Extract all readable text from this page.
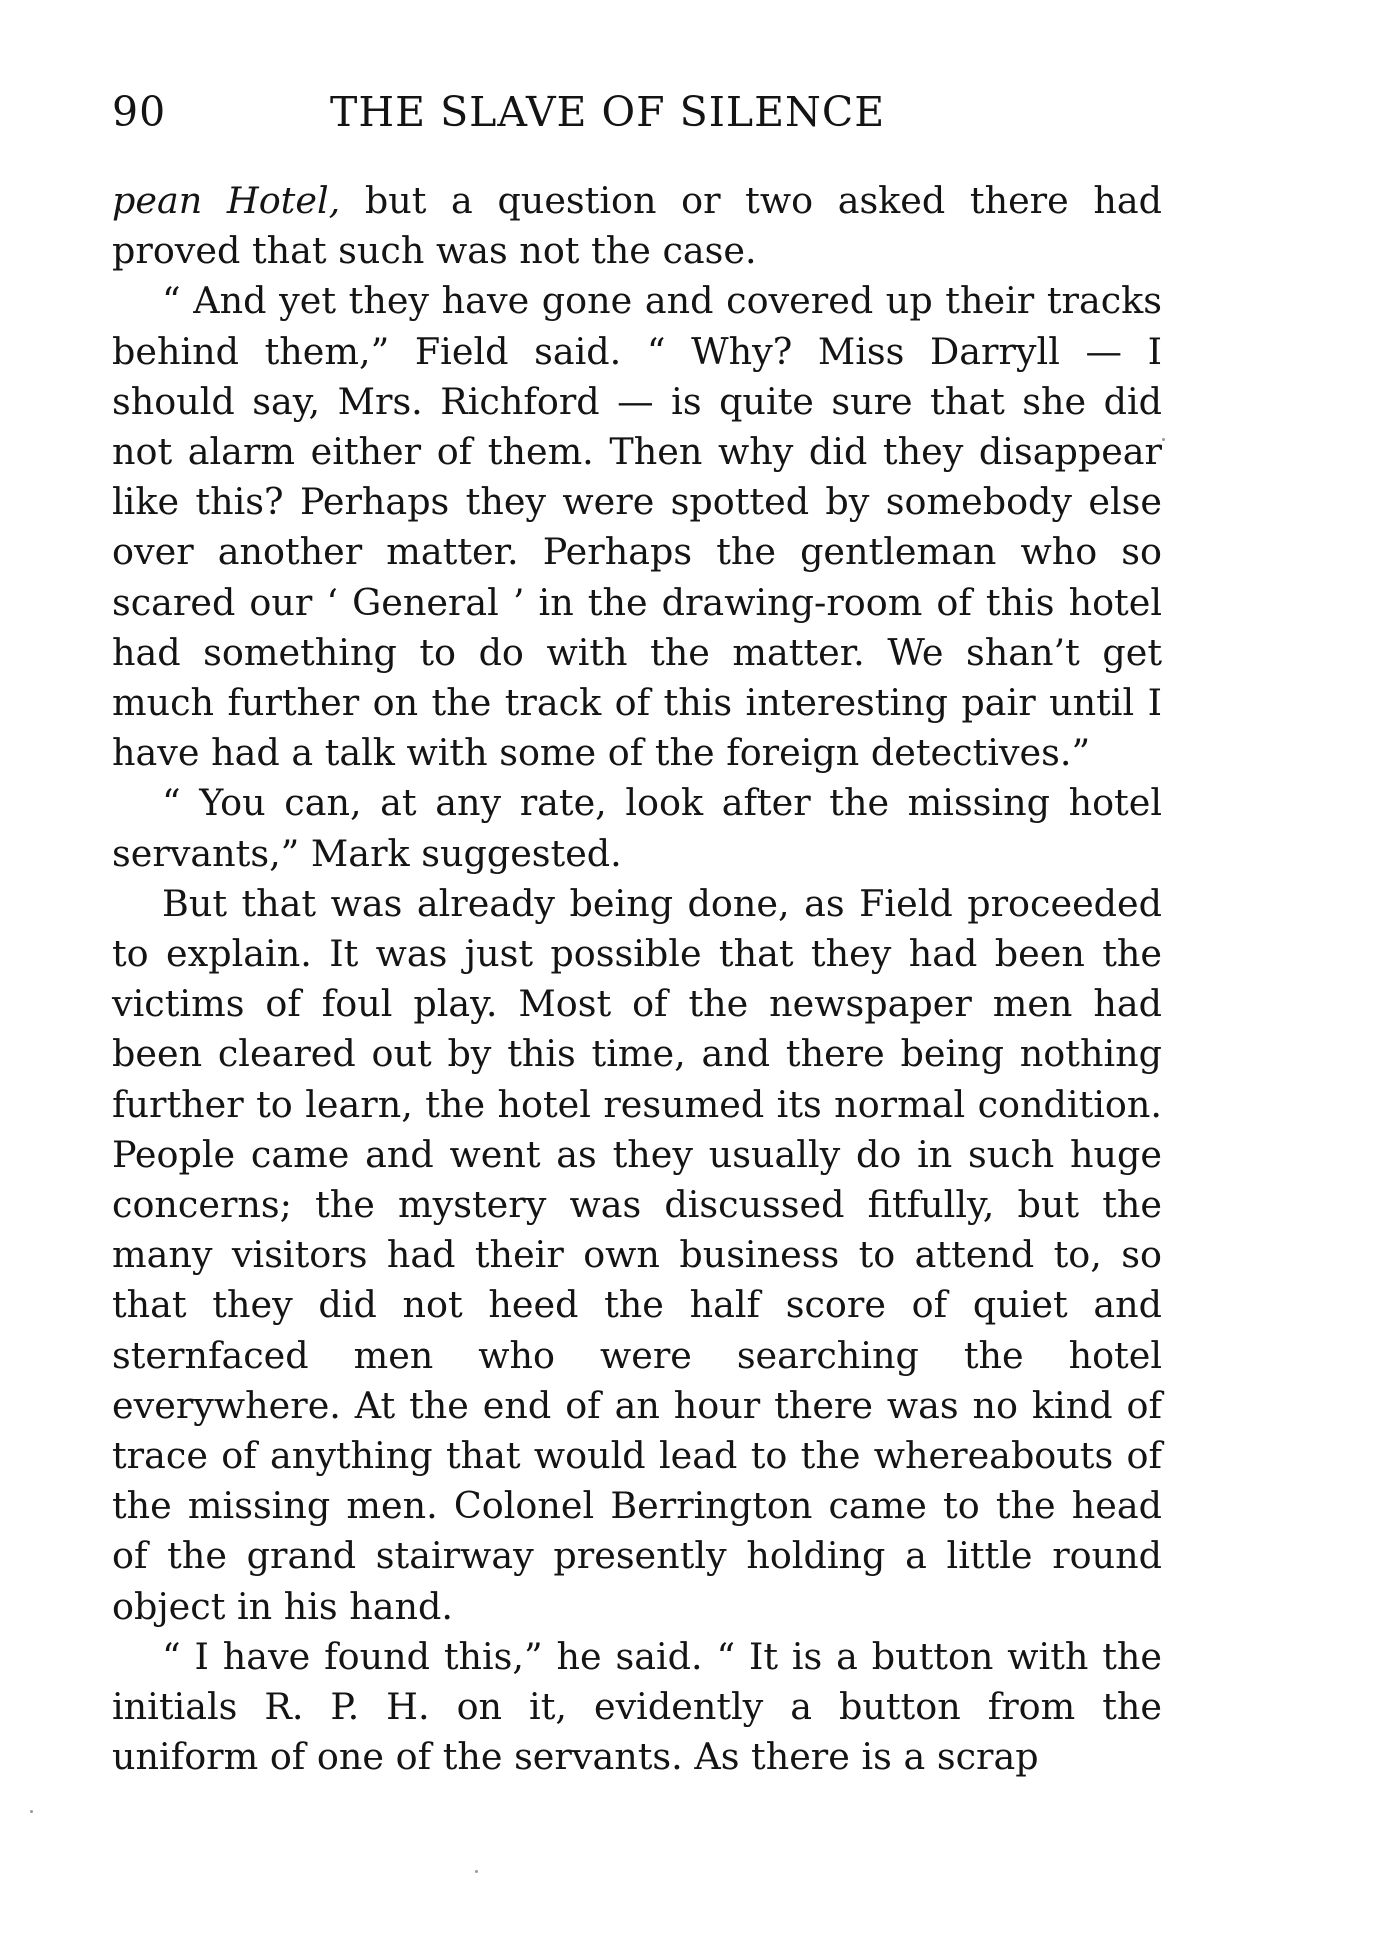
90	THE SLAVE OF SILENCE

pean Hotel, but a question or two asked there had proved that such was not the case.

“ And yet they have gone and covered up their tracks behind them,” Field said. “ Why? Miss Darryll — I should say, Mrs. Richford — is quite sure that she did not alarm either of them. Then why did they disappear like this? Perhaps they were spotted by somebody else over another matter. Perhaps the gentleman who so scared our ‘ General ’ in the drawing-room of this hotel had something to do with the matter. We shan’t get much further on the track of this interesting pair until I have had a talk with some of the foreign detectives.”

“ You can, at any rate, look after the missing hotel servants,” Mark suggested.

But that was already being done, as Field proceeded to explain. It was just possible that they had been the victims of foul play. Most of the newspaper men had been cleared out by this time, and there being nothing further to learn, the hotel resumed its normal condition. People came and went as they usually do in such huge concerns; the mystery was discussed fitfully, but the many visitors had their own business to attend to, so that they did not heed the half score of quiet and sternfaced men who were searching the hotel everywhere. At the end of an hour there was no kind of trace of anything that would lead to the whereabouts of the missing men. Colonel Berrington came to the head of the grand stairway presently holding a little round object in his hand.

“ I have found this,” he said. “ It is a button with the initials R. P. H. on it, evidently a button from the uniform of one of the servants. As there is a scrap
